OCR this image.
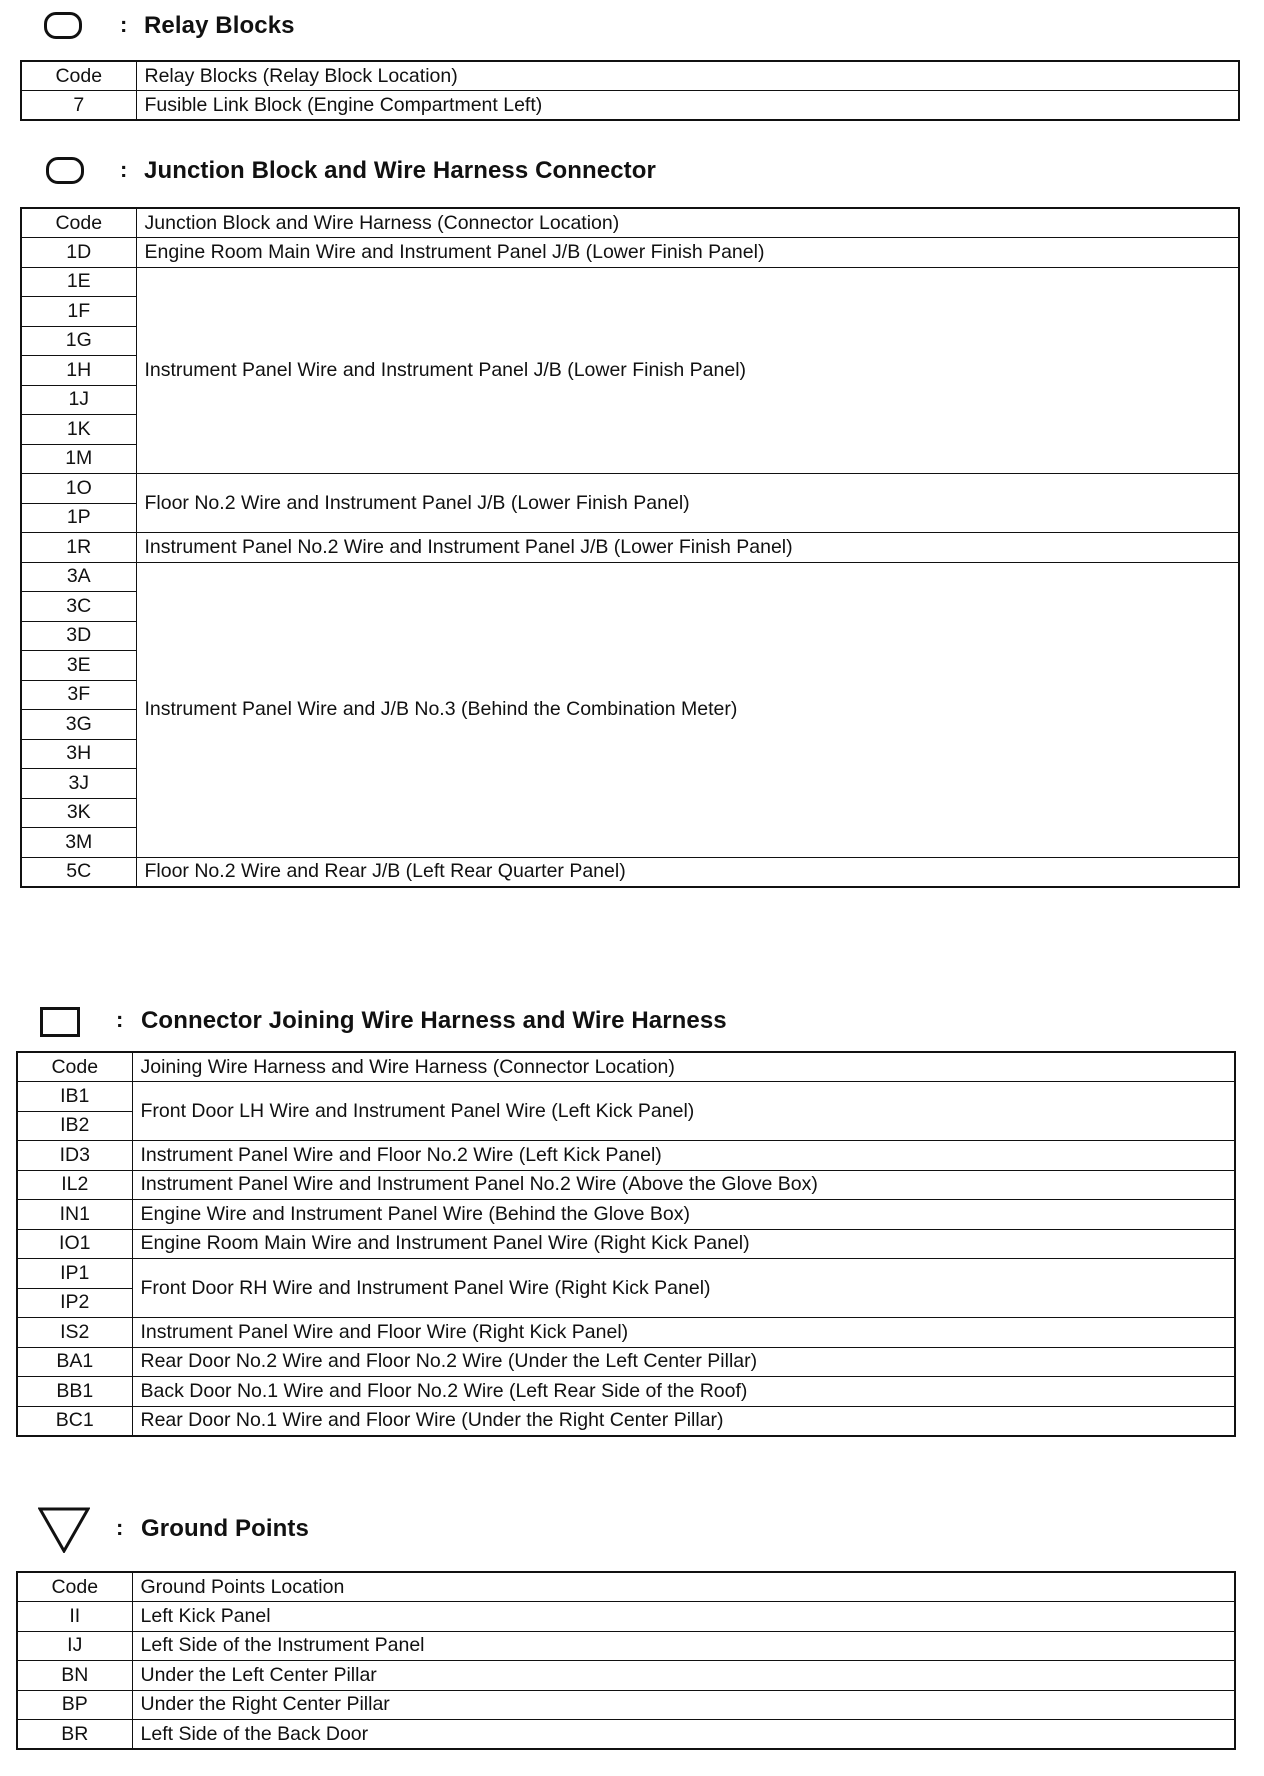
: Relay Blocks
Code	Relay Blocks (Relay Block Location)
7	Fusible Link Block (Engine Compartment Left)
: Junction Block and Wire Harness Connector
Code	Junction Block and Wire Harness (Connector Location)
1D	Engine Room Main Wire and Instrument Panel J/B (Lower Finish Panel)
1E	Instrument Panel Wire and Instrument Panel J/B (Lower Finish Panel)
1F	
1G	
1H	
1J	
1K	
1M	
1O	Floor No.2 Wire and Instrument Panel J/B (Lower Finish Panel)
1P	
1R	Instrument Panel No.2 Wire and Instrument Panel J/B (Lower Finish Panel)
3A	Instrument Panel Wire and J/B No.3 (Behind the Combination Meter)
3C	
3D	
3E	
3F	
3G	
3H	
3J	
3K	
3M	
5C	Floor No.2 Wire and Rear J/B (Left Rear Quarter Panel)
: Connector Joining Wire Harness and Wire Harness
Code	Joining Wire Harness and Wire Harness (Connector Location)
IB1	Front Door LH Wire and Instrument Panel Wire (Left Kick Panel)
IB2	
ID3	Instrument Panel Wire and Floor No.2 Wire (Left Kick Panel)
IL2	Instrument Panel Wire and Instrument Panel No.2 Wire (Above the Glove Box)
IN1	Engine Wire and Instrument Panel Wire (Behind the Glove Box)
IO1	Engine Room Main Wire and Instrument Panel Wire (Right Kick Panel)
IP1	Front Door RH Wire and Instrument Panel Wire (Right Kick Panel)
IP2	
IS2	Instrument Panel Wire and Floor Wire (Right Kick Panel)
BA1	Rear Door No.2 Wire and Floor No.2 Wire (Under the Left Center Pillar)
BB1	Back Door No.1 Wire and Floor No.2 Wire (Left Rear Side of the Roof)
BC1	Rear Door No.1 Wire and Floor Wire (Under the Right Center Pillar)
: Ground Points
Code	Ground Points Location
II	Left Kick Panel
IJ	Left Side of the Instrument Panel
BN	Under the Left Center Pillar
BP	Under the Right Center Pillar
BR	Left Side of the Back Door
